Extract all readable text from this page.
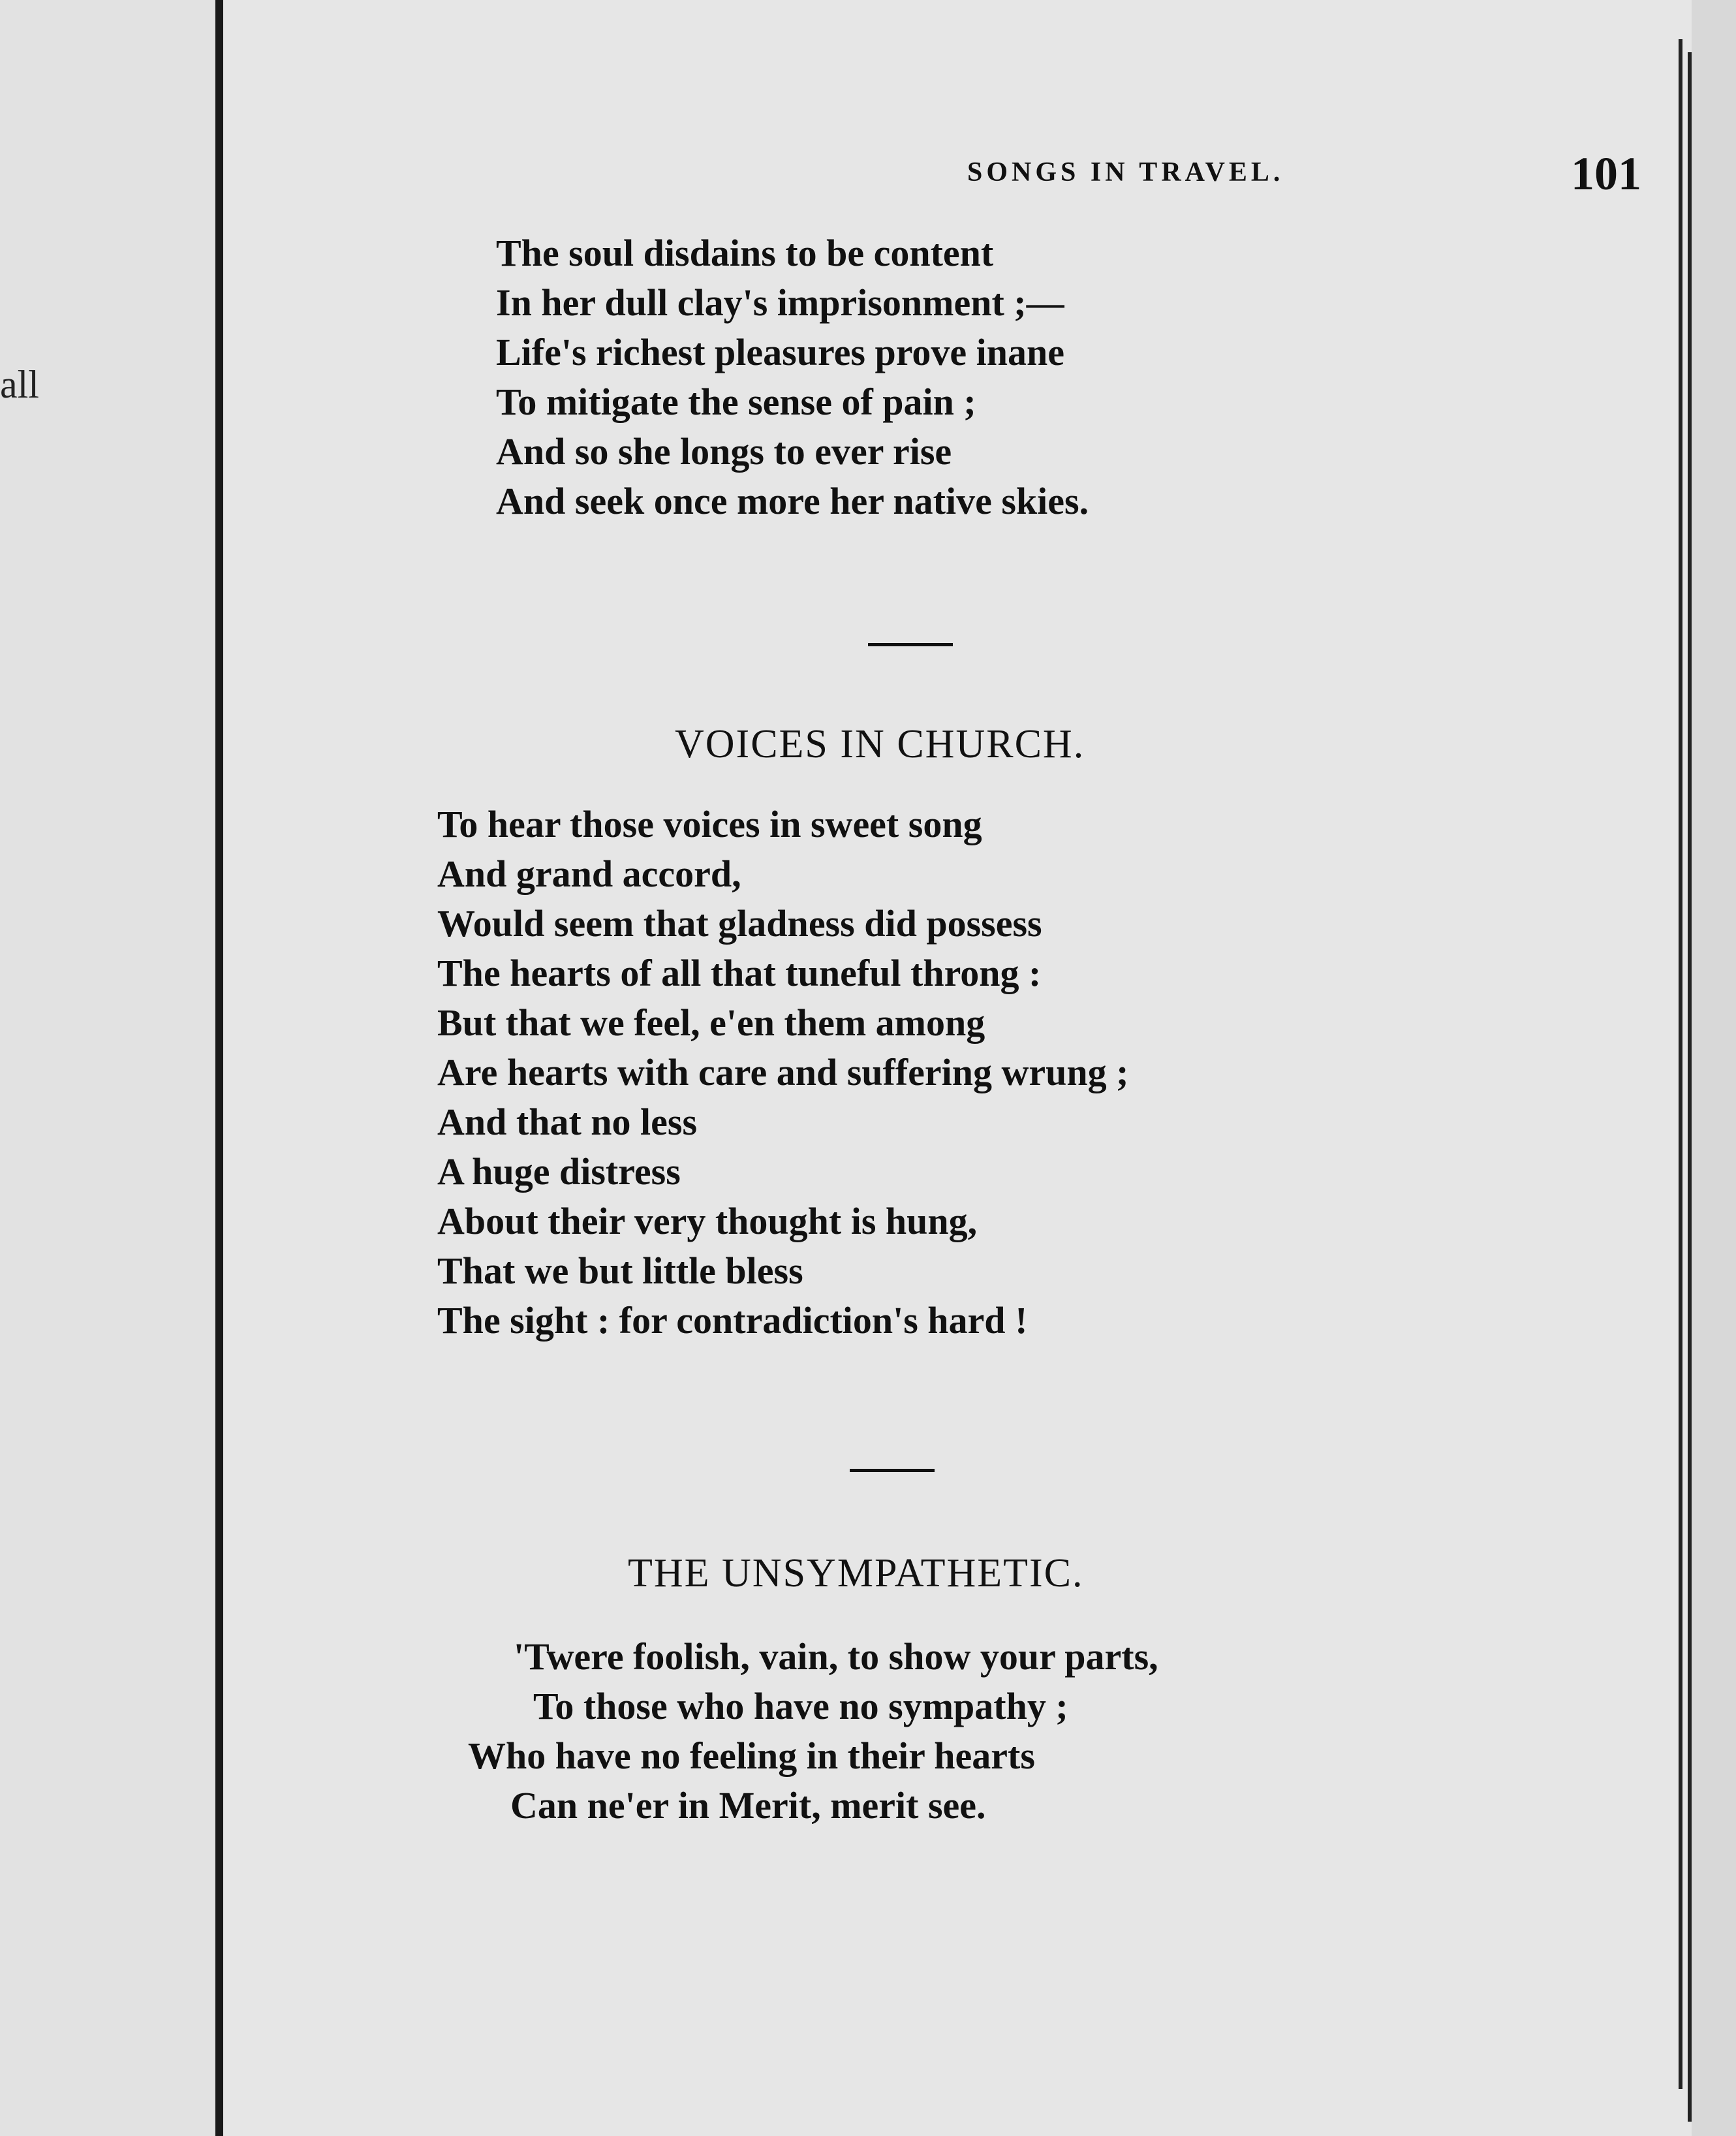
all
SONGS IN TRAVEL.	101
The soul disdains to be content
In her dull clay's imprisonment ;—
Life's richest pleasures prove inane
To mitigate the sense of pain ;
And so she longs to ever rise
And seek once more her native skies.
VOICES IN CHURCH.
To hear those voices in sweet song
And grand accord,
Would seem that gladness did possess
The hearts of all that tuneful throng :
But that we feel, e'en them among
Are hearts with care and suffering wrung ;
And that no less
A huge distress
About their very thought is hung,
That we but little bless
The sight : for contradiction's hard !
THE UNSYMPATHETIC.
'Twere foolish, vain, to show your parts,
To those who have no sympathy ;
Who have no feeling in their hearts
Can ne'er in Merit, merit see.
